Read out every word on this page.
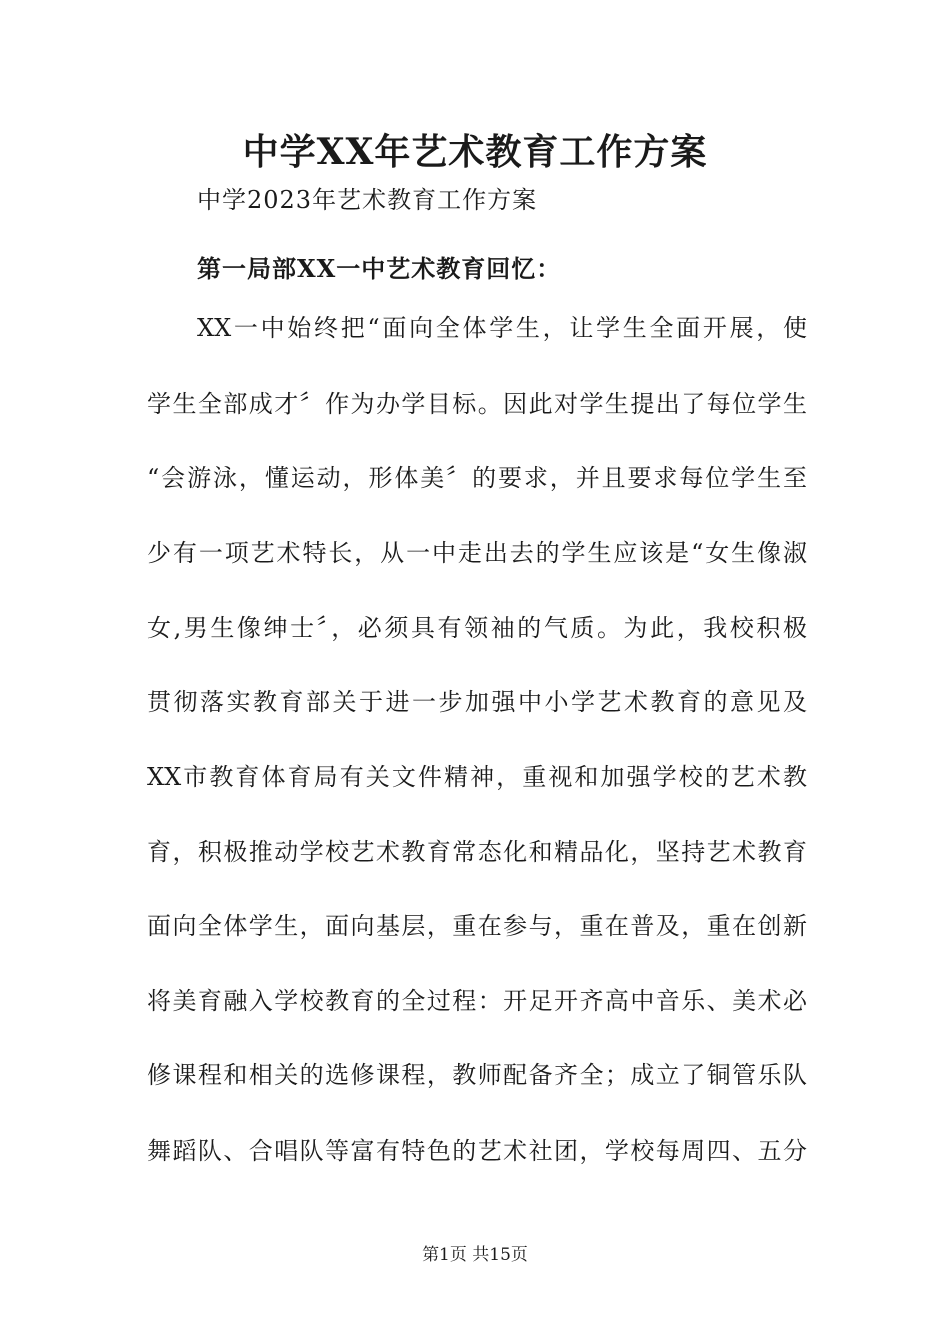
中学XX年艺术教育工作方案

中学2023年艺术教育工作方案

第一局部XX一中艺术教育回忆：

XX一中始终把“面向全体学生，让学生全面开展，使
学生全部成才〞作为办学目标。因此对学生提出了每位学生
“会游泳，懂运动，形体美〞的要求，并且要求每位学生至
少有一项艺术特长，从一中走出去的学生应该是“女生像淑
女,男生像绅士〞，必须具有领袖的气质。为此，我校积极
贯彻落实教育部关于进一步加强中小学艺术教育的意见及
XX市教育体育局有关文件精神，重视和加强学校的艺术教
育，积极推动学校艺术教育常态化和精品化，坚持艺术教育
面向全体学生，面向基层，重在参与，重在普及，重在创新
将美育融入学校教育的全过程：开足开齐高中音乐、美术必
修课程和相关的选修课程，教师配备齐全；成立了铜管乐队
舞蹈队、合唱队等富有特色的艺术社团，学校每周四、五分

第1页 共15页
